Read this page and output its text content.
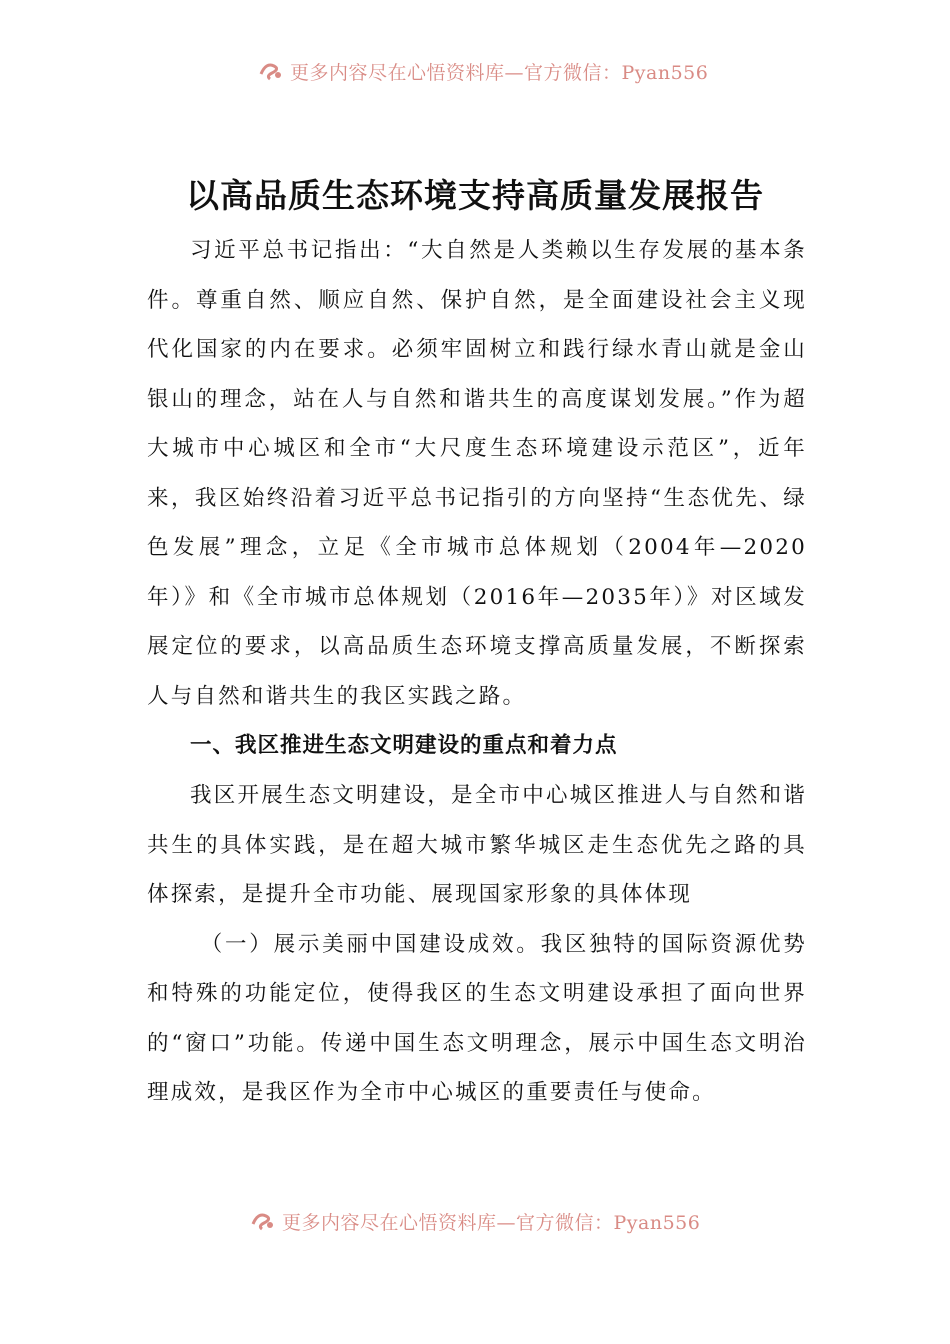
更多内容尽在心悟资料库—官方微信：Pyan556
以高品质生态环境支持高质量发展报告

习近平总书记指出：“大自然是人类赖以生存发展的基本条件。尊重自然、顺应自然、保护自然，是全面建设社会主义现代化国家的内在要求。必须牢固树立和践行绿水青山就是金山银山的理念，站在人与自然和谐共生的高度谋划发展。”作为超大城市中心城区和全市“大尺度生态环境建设示范区”，近年来，我区始终沿着习近平总书记指引的方向坚持“生态优先、绿色发展”理念，立足《全市城市总体规划（2004年—2020年）》和《全市城市总体规划（2016年—2035年）》对区域发展定位的要求，以高品质生态环境支撑高质量发展，不断探索人与自然和谐共生的我区实践之路。

一、我区推进生态文明建设的重点和着力点

我区开展生态文明建设，是全市中心城区推进人与自然和谐共生的具体实践，是在超大城市繁华城区走生态优先之路的具体探索，是提升全市功能、展现国家形象的具体体现

（一）展示美丽中国建设成效。我区独特的国际资源优势和特殊的功能定位，使得我区的生态文明建设承担了面向世界的“窗口”功能。传递中国生态文明理念，展示中国生态文明治理成效，是我区作为全市中心城区的重要责任与使命。

更多内容尽在心悟资料库—官方微信：Pyan556
